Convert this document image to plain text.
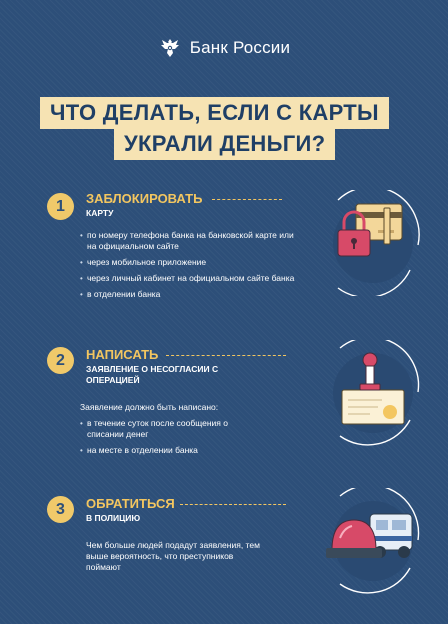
Банк России
ЧТО ДЕЛАТЬ, ЕСЛИ С КАРТЫ
УКРАЛИ ДЕНЬГИ?
1	ЗАБЛОКИРОВАТЬ
КАРТУ
• по номеру телефона банка на банковской карте или на официальном сайте
• через мобильное приложение
• через личный кабинет на официальном сайте банка
• в отделении банка
2	НАПИСАТЬ
ЗАЯВЛЕНИЕ О НЕСОГЛАСИИ С ОПЕРАЦИЕЙ
Заявление должно быть написано:
• в течение суток после сообщения о списании денег
• на месте в отделении банка
3	ОБРАТИТЬСЯ
В ПОЛИЦИЮ
Чем больше людей подадут заявления, тем выше вероятность, что преступников поймают
